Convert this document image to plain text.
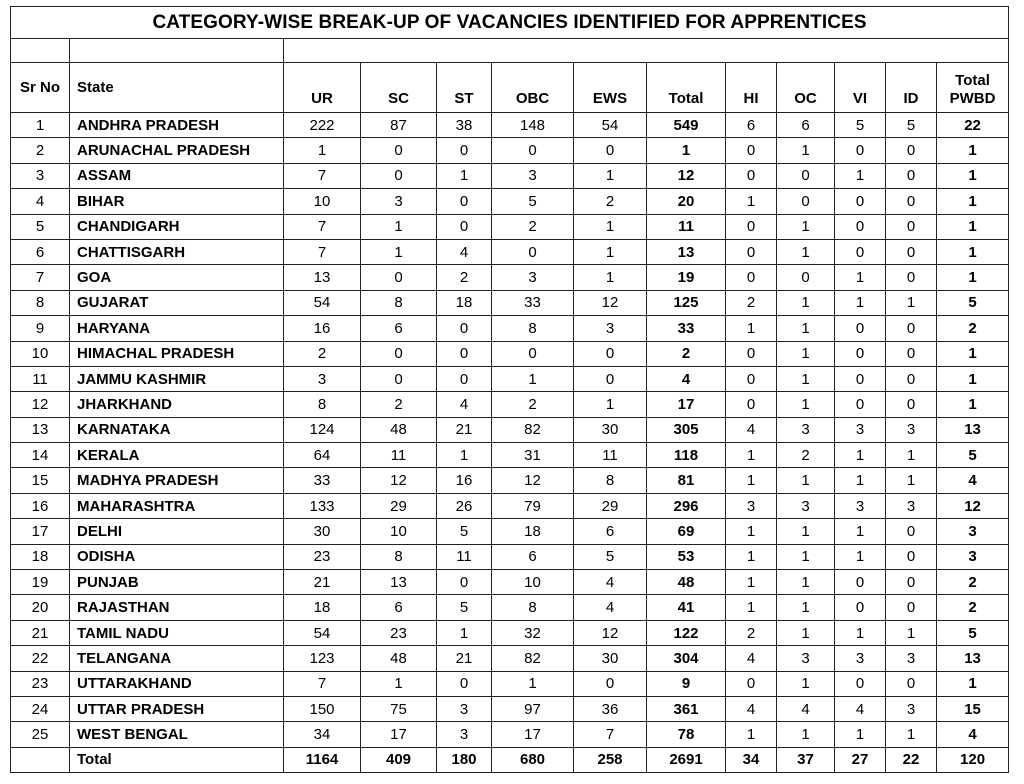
CATEGORY-WISE BREAK-UP OF VACANCIES IDENTIFIED FOR APPRENTICES												

Sr No	State	UR	SC	ST	OBC	EWS	Total	HI	OC	VI	ID	Total
PWBD

1	ANDHRA PRADESH	222	87	38	148	54	549	6	6	5	5	22
2	ARUNACHAL PRADESH	1	0	0	0	0	1	0	1	0	0	1
3	ASSAM	7	0	1	3	1	12	0	0	1	0	1
4	BIHAR	10	3	0	5	2	20	1	0	0	0	1
5	CHANDIGARH	7	1	0	2	1	11	0	1	0	0	1
6	CHATTISGARH	7	1	4	0	1	13	0	1	0	0	1
7	GOA	13	0	2	3	1	19	0	0	1	0	1
8	GUJARAT	54	8	18	33	12	125	2	1	1	1	5
9	HARYANA	16	6	0	8	3	33	1	1	0	0	2
10	HIMACHAL PRADESH	2	0	0	0	0	2	0	1	0	0	1
11	JAMMU KASHMIR	3	0	0	1	0	4	0	1	0	0	1
12	JHARKHAND	8	2	4	2	1	17	0	1	0	0	1
13	KARNATAKA	124	48	21	82	30	305	4	3	3	3	13
14	KERALA	64	11	1	31	11	118	1	2	1	1	5
15	MADHYA PRADESH	33	12	16	12	8	81	1	1	1	1	4
16	MAHARASHTRA	133	29	26	79	29	296	3	3	3	3	12
17	DELHI	30	10	5	18	6	69	1	1	1	0	3
18	ODISHA	23	8	11	6	5	53	1	1	1	0	3
19	PUNJAB	21	13	0	10	4	48	1	1	0	0	2
20	RAJASTHAN	18	6	5	8	4	41	1	1	0	0	2
21	TAMIL NADU	54	23	1	32	12	122	2	1	1	1	5
22	TELANGANA	123	48	21	82	30	304	4	3	3	3	13
23	UTTARAKHAND	7	1	0	1	0	9	0	1	0	0	1
24	UTTAR PRADESH	150	75	3	97	36	361	4	4	4	3	15
25	WEST BENGAL	34	17	3	17	7	78	1	1	1	1	4
	Total	1164	409	180	680	258	2691	34	37	27	22	120
